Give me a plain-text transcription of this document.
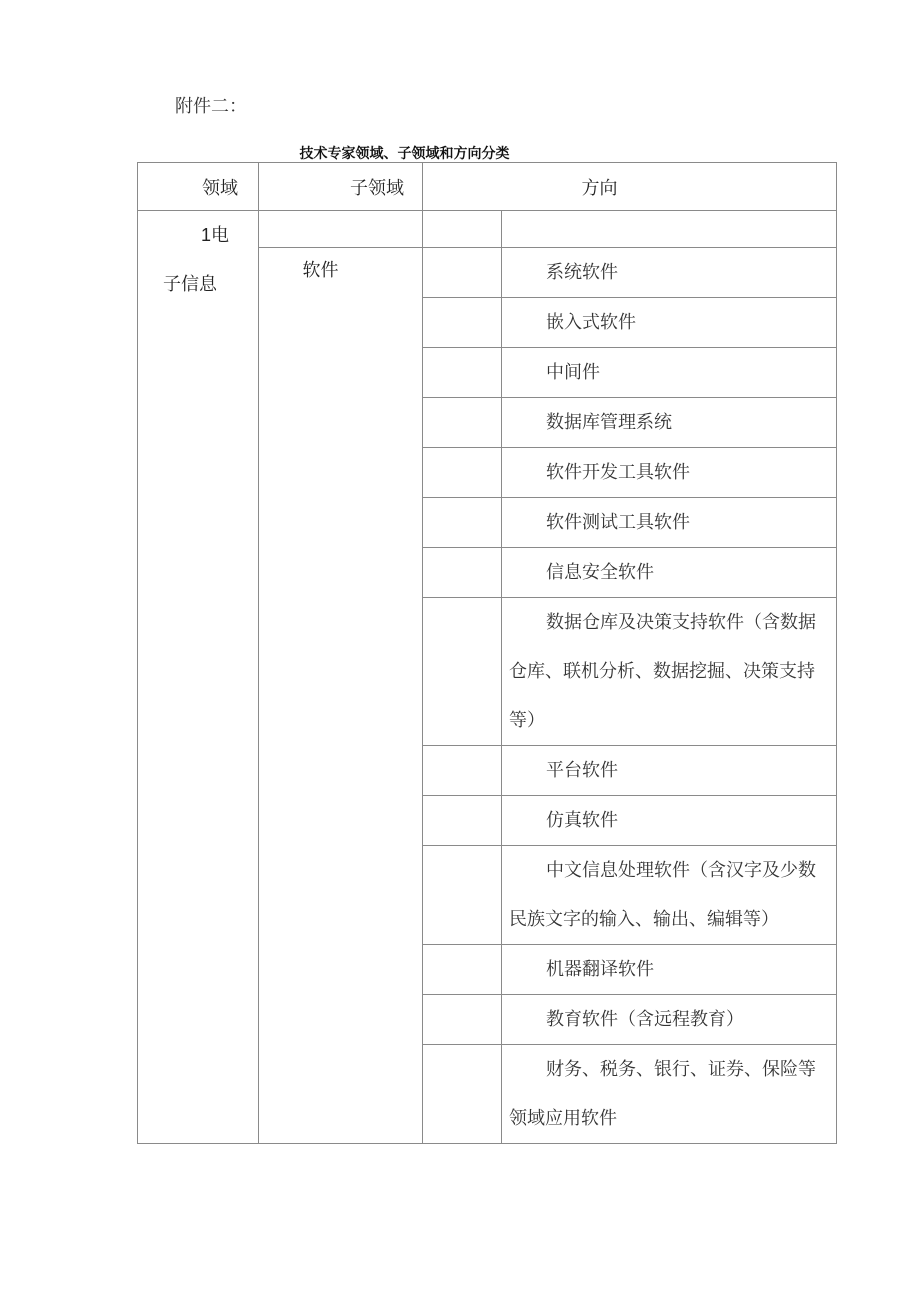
附件二：
技术专家领域、子领域和方向分类
领域	子领域	方向	

1电
子信息			

	软件		系统软件
			嵌入式软件
			中间件
			数据库管理系统
			软件开发工具软件
			软件测试工具软件
			信息安全软件
			数据仓库及决策支持软件（含数据仓库、联机分析、数据挖掘、决策支持等）
			平台软件
			仿真软件
			中文信息处理软件（含汉字及少数民族文字的输入、输出、编辑等）
			机器翻译软件
			教育软件（含远程教育）
			财务、税务、银行、证券、保险等领域应用软件
